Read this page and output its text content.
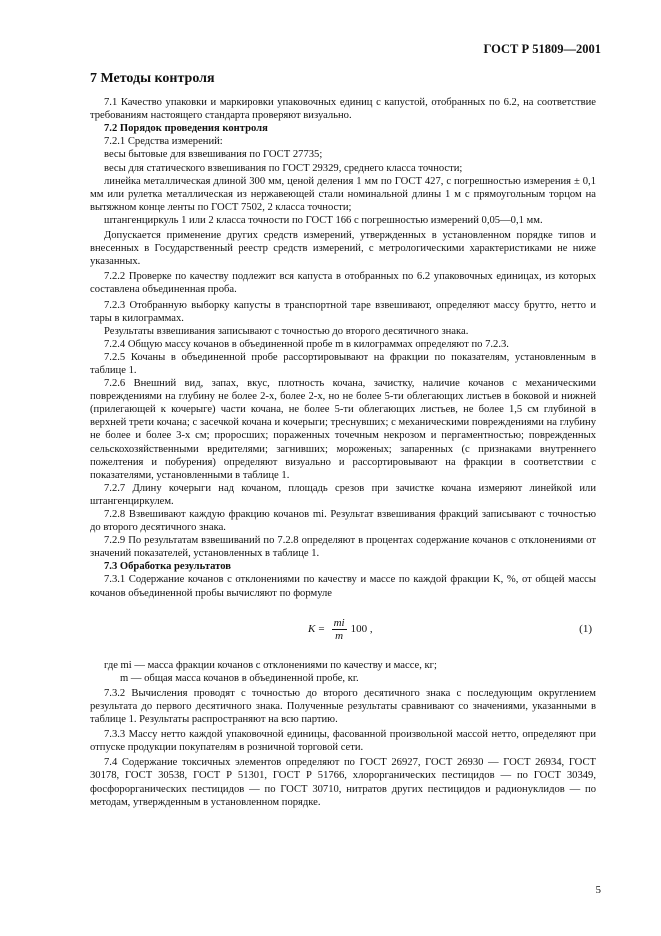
ГОСТ Р 51809—2001
7 Методы контроля

7.1 Качество упаковки и маркировки упаковочных единиц с капустой, отобранных по 6.2, на соответствие требованиям настоящего стандарта проверяют визуально.

7.2 Порядок проведения контроля

7.2.1 Средства измерений:

весы бытовые для взвешивания по ГОСТ 27735;

весы для статического взвешивания по ГОСТ 29329, среднего класса точности;

линейка металлическая длиной 300 мм, ценой деления 1 мм по ГОСТ 427, с погрешностью измерения ± 0,1 мм или рулетка металлическая из нержавеющей стали номинальной длины 1 м с прямоугольным торцом на вытяжном конце ленты по ГОСТ 7502, 2 класса точности;

штангенциркуль 1 или 2 класса точности по ГОСТ 166 с погрешностью измерений 0,05—0,1 мм.

Допускается применение других средств измерений, утвержденных в установленном порядке типов и внесенных в Государственный реестр средств измерений, с метрологическими характеристиками не ниже указанных.

7.2.2 Проверке по качеству подлежит вся капуста в отобранных по 6.2 упаковочных единицах, из которых составлена объединенная проба.

7.2.3 Отобранную выборку капусты в транспортной таре взвешивают, определяют массу брутто, нетто и тары в килограммах.

Результаты взвешивания записывают с точностью до второго десятичного знака.

7.2.4 Общую массу кочанов в объединенной пробе m в килограммах определяют по 7.2.3.

7.2.5 Кочаны в объединенной пробе рассортировывают на фракции по показателям, установленным в таблице 1.

7.2.6 Внешний вид, запах, вкус, плотность кочана, зачистку, наличие кочанов с механическими повреждениями на глубину не более 2-х, более 2-х, но не более 5-ти облегающих листьев в боковой и нижней (прилегающей к кочерыге) части кочана, не более 5-ти облегающих листьев, не более 1,5 см глубиной в верхней трети кочана; с засечкой кочана и кочерыги; треснувших; с механическими повреждениями на глубину не более и более 3-х см; проросших; пораженных точечным некрозом и пергаментностью; поврежденных сельскохозяйственными вредителями; загнивших; мороженых; запаренных (с признаками внутреннего пожелтения и побурения) определяют визуально и рассортировывают на фракции в соответствии с показателями, установленными в таблице 1.

7.2.7 Длину кочерыги над кочаном, площадь срезов при зачистке кочана измеряют линейкой или штангенциркулем.

7.2.8 Взвешивают каждую фракцию кочанов mi. Результат взвешивания фракций записывают с точностью до второго десятичного знака.

7.2.9 По результатам взвешиваний по 7.2.8 определяют в процентах содержание кочанов с отклонениями от значений показателей, установленных в таблице 1.

7.3 Обработка результатов

7.3.1 Содержание кочанов с отклонениями по качеству и массе по каждой фракции K, %, от общей массы кочанов объединенной пробы вычисляют по формуле

$K = \frac{mi}{m} 100$ ,	(1)

где mi — масса фракции кочанов с отклонениями по качеству и массе, кг;

m — общая масса кочанов в объединенной пробе, кг.

7.3.2 Вычисления проводят с точностью до второго десятичного знака с последующим округлением результата до первого десятичного знака. Полученные результаты сравнивают со значениями, указанными в таблице 1. Результаты распространяют на всю партию.

7.3.3 Массу нетто каждой упаковочной единицы, фасованной произвольной массой нетто, определяют при отпуске продукции покупателям в розничной торговой сети.

7.4 Содержание токсичных элементов определяют по ГОСТ 26927, ГОСТ 26930 — ГОСТ 26934, ГОСТ 30178, ГОСТ 30538, ГОСТ Р 51301, ГОСТ Р 51766, хлорорганических пестицидов — по ГОСТ 30349, фосфорорганических пестицидов — по ГОСТ 30710, нитратов других пестицидов и радионуклидов — по методам, утвержденным в установленном порядке.

5
